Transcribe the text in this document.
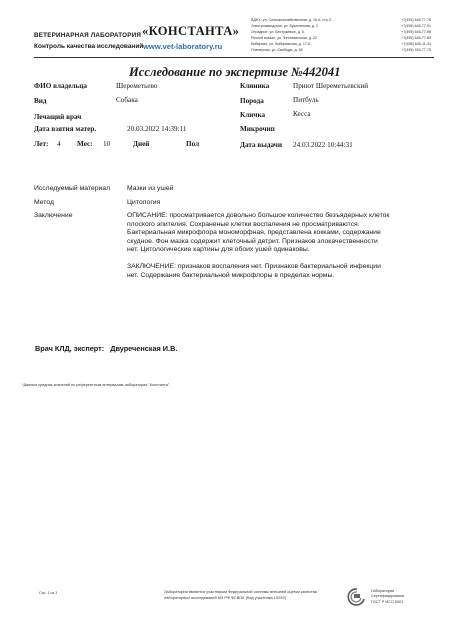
ВЕТЕРИНАРНАЯ ЛАБОРАТОРИЯ «КОНСТАНТА»
Контроль качества исследований www.vet-laboratory.ru
ВДНХ, ул. Сельскохозяйственная, д. 16 А, стр.3	+7(495) 645-77-76
Электрозаводская, ул. Буженинова, д. 2	+7(495) 645-77-91
Отрадное, ул. Бестужевых, д. 5	+7(495) 645-77-96
Речной вокзал, ул. Фестивальная, д. 22	+7(495) 645-77-83
Бибирево, ул. Бибиревская, д. 17-Б	+7(495) 645-11-34
Планерная, ул. Свободы, д. 65	+7(495) 933-77-75
Исследование по экспертизе №442041
ФИО владельца	Шереметьево	Клиника	Приют Шереметьевский
Вид	Собака	Порода	Питбуль
Лечащий врач	Кличка	Кесса
Дата взятия матер.	20.03.2022 14:39:11	Микрочип
Лет: 4 Мес: 10	Дней	Пол	Дата выдачи 24.03.2022 10:44:31
Исследуемый материал Мазки из ушей
Метод	Цитология
Заключение	ОПИСАНИЕ: просматривается довольно большое количество безъядерных клеток
плоского эпителия. Сохраненые клетки воспаления не просматриваются.
Бактериальная микрофлора мономорфная, представлена кокками, содержание
скудное. Фон мазка содержит клеточный детрит. Признаков злокачественности
нет. Цитологические картины для обоих ушей одинаковы.
ЗАКЛЮЧЕНИЕ: признаков воспаления нет. Признаков бактериальной инфекции
нет. Содержание бактериальной микрофлоры в пределах нормы.
Врач КЛД, эксперт:   Двуреченская И.В.
*Данные средних значений по референтным интервалам лаборатории "Константа"
Стр. 1 из 1	Лаборатория является участником Федеральной системы внешней оценки качества
лабораторных исследований МЗ РФ ФСВОК (Код участника 10292)
Лаборатория
Сертифицирована
ГОСТ Р ИСО 9001
